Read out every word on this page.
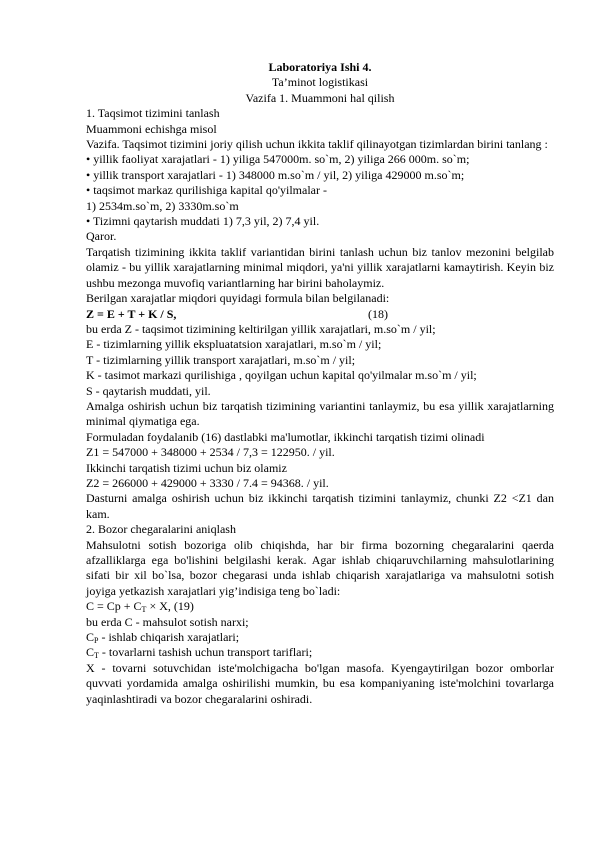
Laboratoriya Ishi 4.
Ta’minot logistikasi
Vazifa 1. Muammoni hal qilish
1. Taqsimot tizimini tanlash
Muammoni echishga misol
Vazifa. Taqsimot tizimini joriy qilish uchun ikkita taklif qilinayotgan tizimlardan birini tanlang :
• yillik faoliyat xarajatlari - 1) yiliga 547000m. so`m, 2) yiliga 266 000m. so`m;
• yillik transport xarajatlari - 1) 348000 m.so`m / yil, 2) yiliga 429000 m.so`m;
• taqsimot markaz qurilishiga kapital qo'yilmalar -
1) 2534m.so`m, 2) 3330m.so`m
• Tizimni qaytarish muddati 1) 7,3 yil, 2) 7,4 yil.
Qaror.
Tarqatish tizimining ikkita taklif variantidan birini tanlash uchun biz tanlov mezonini belgilab olamiz - bu yillik xarajatlarning minimal miqdori, ya'ni yillik xarajatlarni kamaytirish. Keyin biz ushbu mezonga muvofiq variantlarning har birini baholaymiz.
Berilgan xarajatlar miqdori quyidagi formula bilan belgilanadi:
Z = E + T + K / S,	(18)
bu erda Z - taqsimot tizimining keltirilgan yillik xarajatlari, m.so`m / yil;
E - tizimlarning yillik ekspluatatsion xarajatlari, m.so`m / yil;
T - tizimlarning yillik transport xarajatlari, m.so`m / yil;
K - tasimot markazi qurilishiga , qoyilgan uchun kapital qo'yilmalar m.so`m / yil;
S - qaytarish muddati, yil.
Amalga oshirish uchun biz tarqatish tizimining variantini tanlaymiz, bu esa yillik xarajatlarning minimal qiymatiga ega.
Formuladan foydalanib (16) dastlabki ma'lumotlar, ikkinchi tarqatish tizimi olinadi
Z1 = 547000 + 348000 + 2534 / 7,3 = 122950. / yil.
Ikkinchi tarqatish tizimi uchun biz olamiz
Z2 = 266000 + 429000 + 3330 / 7.4 = 94368. / yil.
Dasturni amalga oshirish uchun biz ikkinchi tarqatish tizimini tanlaymiz, chunki Z2 <Z1 dan kam.
2. Bozor chegaralarini aniqlash
Mahsulotni sotish bozoriga olib chiqishda, har bir firma bozorning chegaralarini qaerda afzalliklarga ega bo'lishini belgilashi kerak. Agar ishlab chiqaruvchilarning mahsulotlarining sifati bir xil bo`lsa, bozor chegarasi unda ishlab chiqarish xarajatlariga va mahsulotni sotish joyiga yetkazish xarajatlari yig’indisiga teng bo`ladi:
$C = Cp + C_T \times X$, (19)
bu erda C - mahsulot sotish narxi;
$C_P$ - ishlab chiqarish xarajatlari;
$C_T$ - tovarlarni tashish uchun transport tariflari;
X - tovarni sotuvchidan iste'molchigacha bo'lgan masofa. Kyengaytirilgan bozor omborlar quvvati yordamida amalga oshirilishi mumkin, bu esa kompaniyaning iste'molchini tovarlarga yaqinlashtiradi va bozor chegaralarini oshiradi.
